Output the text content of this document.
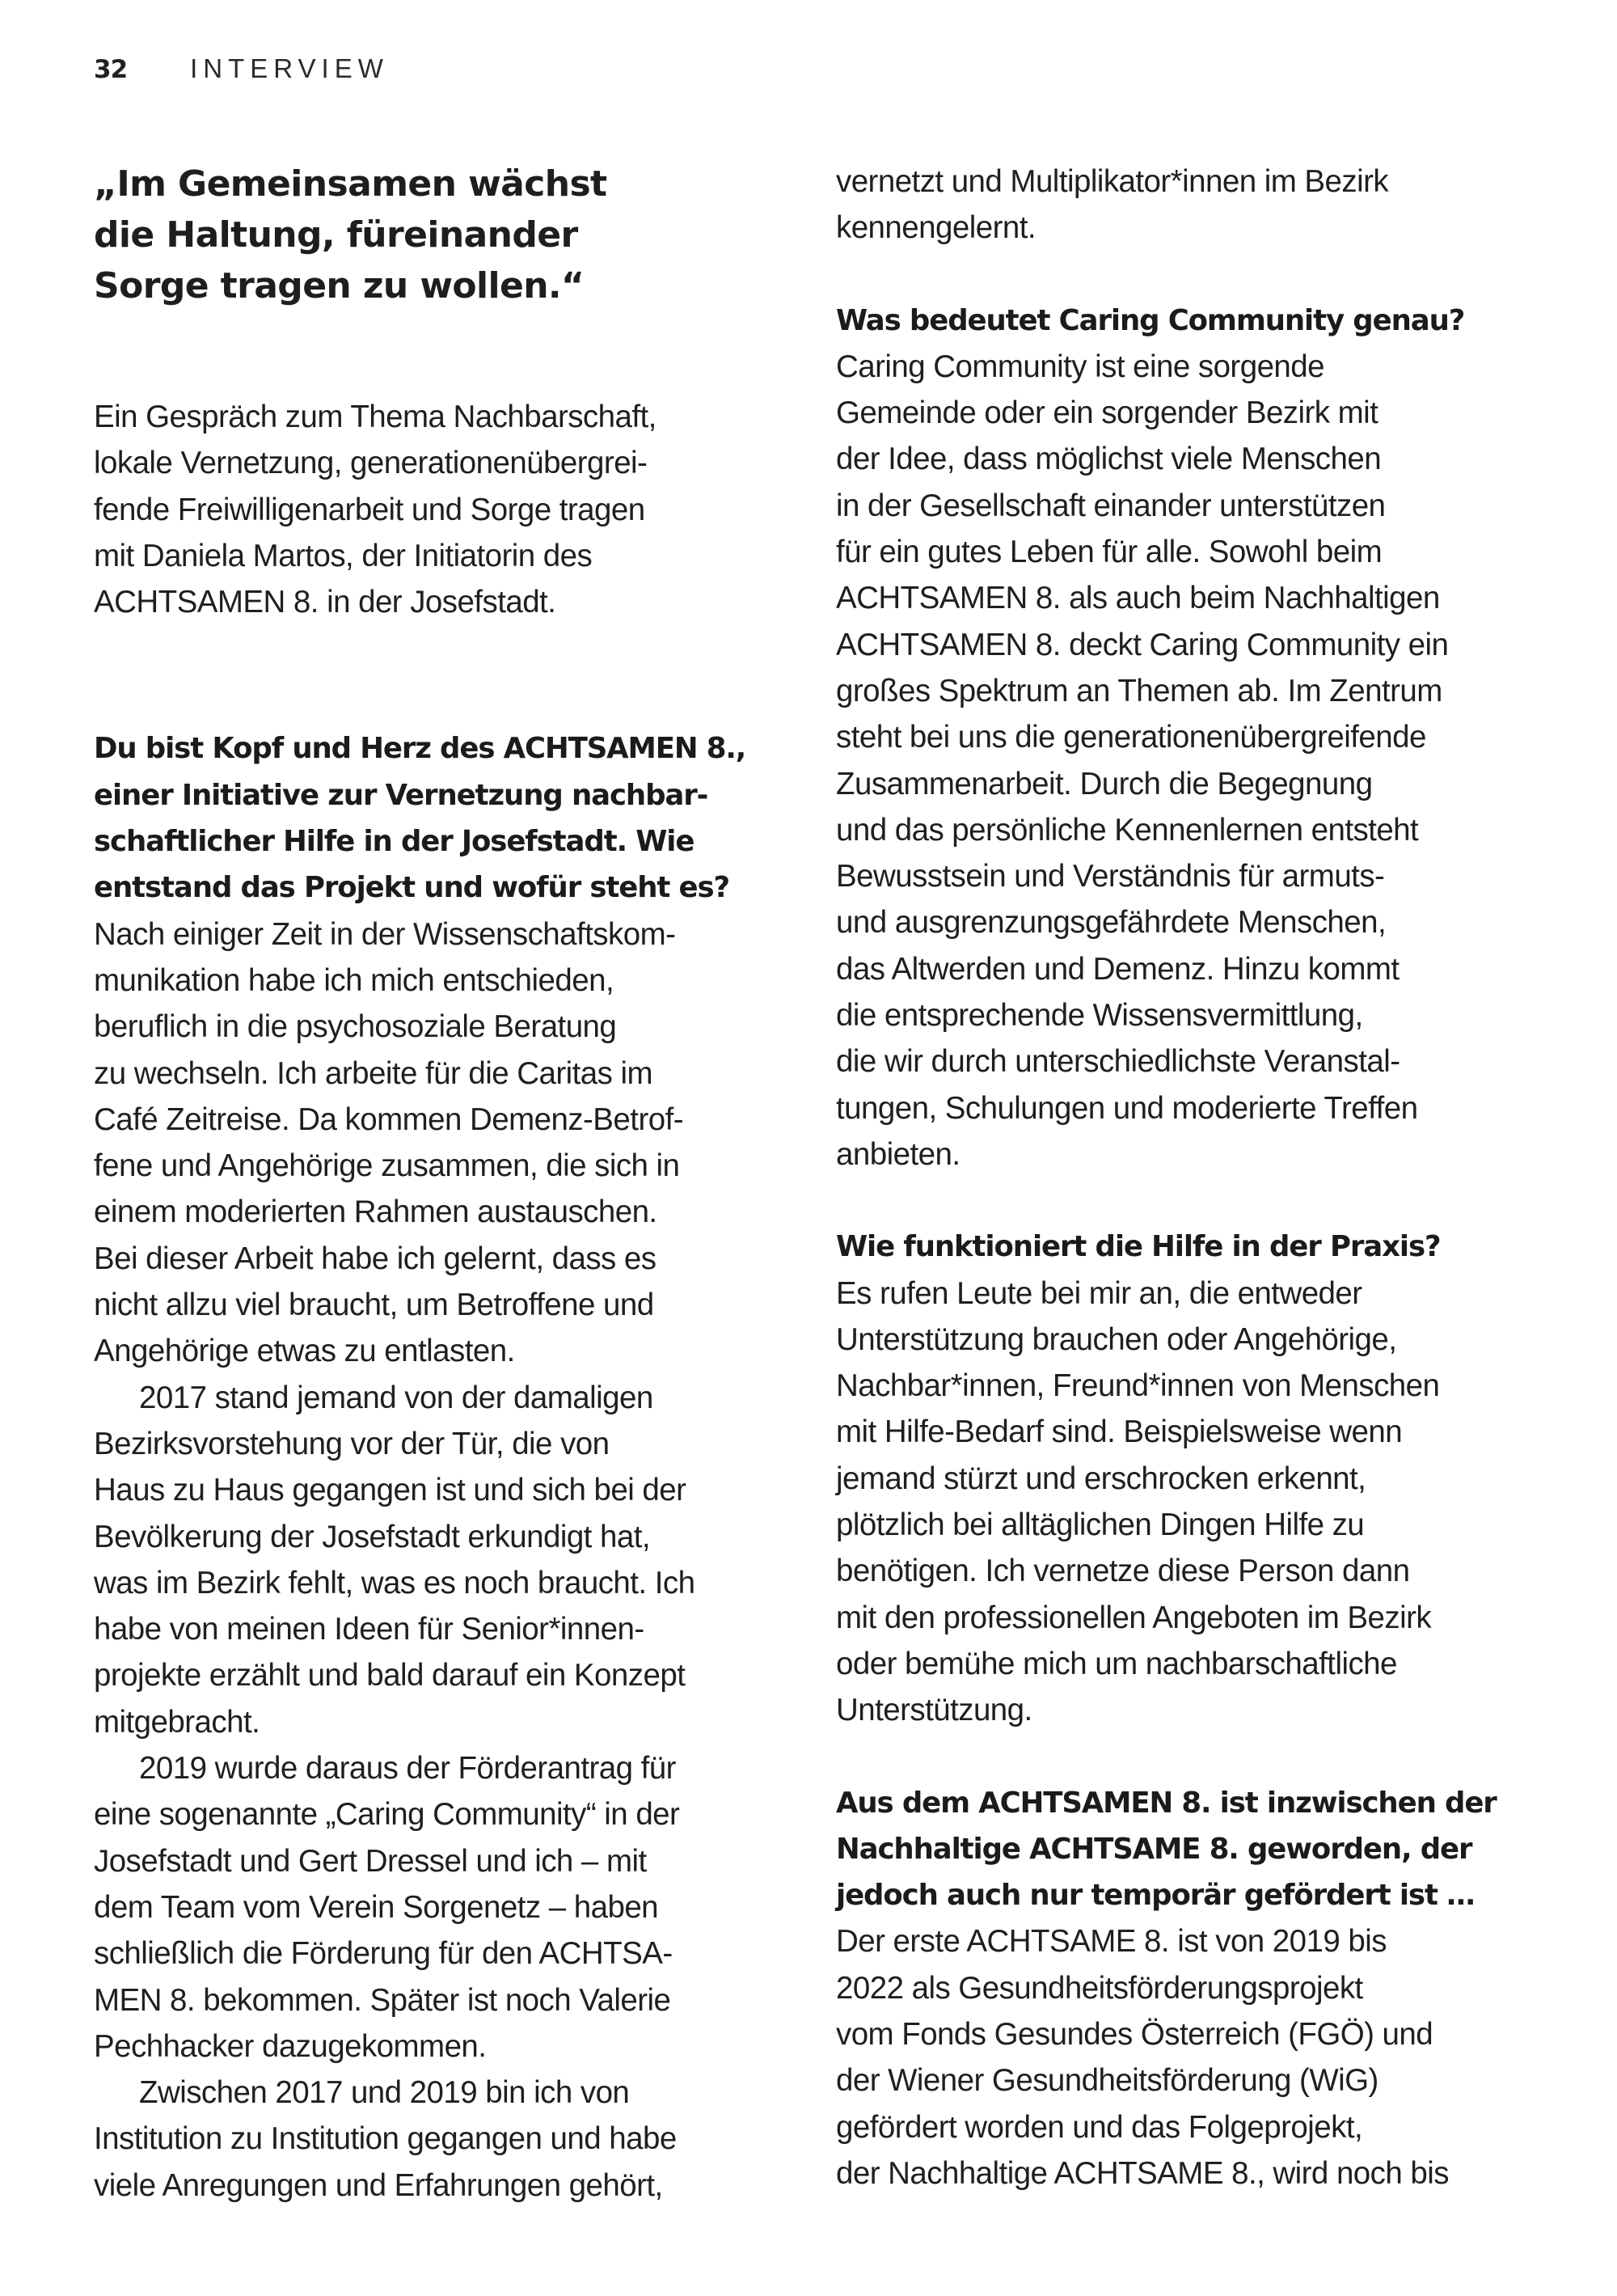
32 INTERVIEW
„Im Gemeinsamen wächst
die Haltung, füreinander
Sorge tragen zu wollen.“

Ein Gespräch zum Thema Nachbarschaft,
lokale Vernetzung, generationenübergrei-
fende Freiwilligenarbeit und Sorge tragen
mit Daniela Martos, der Initiatorin des
ACHTSAMEN 8. in der Josefstadt.

Du bist Kopf und Herz des ACHTSAMEN 8.,
einer Initiative zur Vernetzung nachbar-
schaftlicher Hilfe in der Josefstadt. Wie
entstand das Projekt und wofür steht es?

Nach einiger Zeit in der Wissenschaftskom-
munikation habe ich mich entschieden,
beruflich in die psychosoziale Beratung
zu wechseln. Ich arbeite für die Caritas im
Café Zeitreise. Da kommen Demenz-Betrof-
fene und Angehörige zusammen, die sich in
einem moderierten Rahmen austauschen.
Bei dieser Arbeit habe ich gelernt, dass es
nicht allzu viel braucht, um Betroffene und
Angehörige etwas zu entlasten.

2017 stand jemand von der damaligen
Bezirksvorstehung vor der Tür, die von
Haus zu Haus gegangen ist und sich bei der
Bevölkerung der Josefstadt erkundigt hat,
was im Bezirk fehlt, was es noch braucht. Ich
habe von meinen Ideen für Senior*innen-
projekte erzählt und bald darauf ein Konzept
mitgebracht.

2019 wurde daraus der Förderantrag für
eine sogenannte „Caring Community“ in der
Josefstadt und Gert Dressel und ich – mit
dem Team vom Verein Sorgenetz – haben
schließlich die Förderung für den ACHTSA-
MEN 8. bekommen. Später ist noch Valerie
Pechhacker dazugekommen.

Zwischen 2017 und 2019 bin ich von
Institution zu Institution gegangen und habe
viele Anregungen und Erfahrungen gehört,

vernetzt und Multiplikator*innen im Bezirk
kennengelernt.

Was bedeutet Caring Community genau?

Caring Community ist eine sorgende
Gemeinde oder ein sorgender Bezirk mit
der Idee, dass möglichst viele Menschen
in der Gesellschaft einander unterstützen
für ein gutes Leben für alle. Sowohl beim
ACHTSAMEN 8. als auch beim Nachhaltigen
ACHTSAMEN 8. deckt Caring Community ein
großes Spektrum an Themen ab. Im Zentrum
steht bei uns die generationenübergreifende
Zusammenarbeit. Durch die Begegnung
und das persönliche Kennenlernen entsteht
Bewusstsein und Verständnis für armuts-
und ausgrenzungsgefährdete Menschen,
das Altwerden und Demenz. Hinzu kommt
die entsprechende Wissensvermittlung,
die wir durch unterschiedlichste Veranstal-
tungen, Schulungen und moderierte Treffen
anbieten.

Wie funktioniert die Hilfe in der Praxis?

Es rufen Leute bei mir an, die entweder
Unterstützung brauchen oder Angehörige,
Nachbar*innen, Freund*innen von Menschen
mit Hilfe-Bedarf sind. Beispielsweise wenn
jemand stürzt und erschrocken erkennt,
plötzlich bei alltäglichen Dingen Hilfe zu
benötigen. Ich vernetze diese Person dann
mit den professionellen Angeboten im Bezirk
oder bemühe mich um nachbarschaftliche
Unterstützung.

Aus dem ACHTSAMEN 8. ist inzwischen der
Nachhaltige ACHTSAME 8. geworden, der
jedoch auch nur temporär gefördert ist …

Der erste ACHTSAME 8. ist von 2019 bis
2022 als Gesundheitsförderungsprojekt
vom Fonds Gesundes Österreich (FGÖ) und
der Wiener Gesundheitsförderung (WiG)
gefördert worden und das Folgeprojekt,
der Nachhaltige ACHTSAME 8., wird noch bis
